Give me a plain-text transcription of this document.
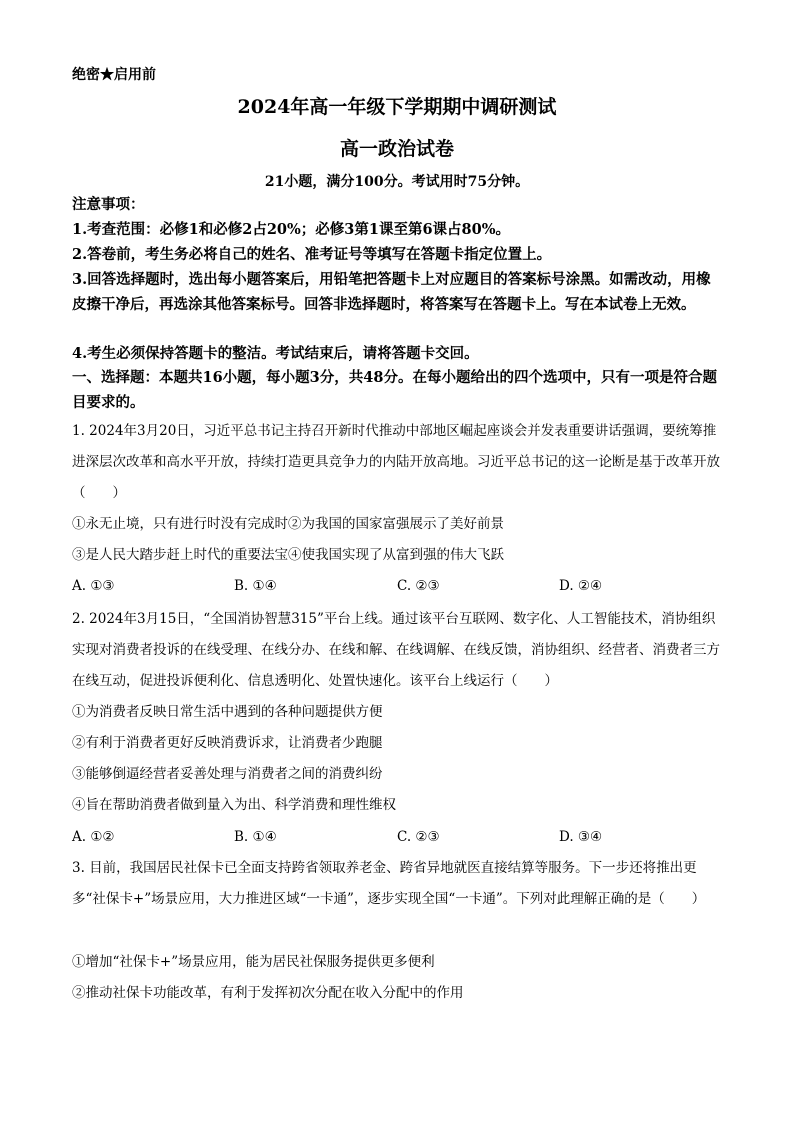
绝密★启用前
2024年高一年级下学期期中调研测试
高一政治试卷
21小题，满分100分。考试用时75分钟。
注意事项：
1.考查范围：必修1和必修2占20%；必修3第1课至第6课占80%。
2.答卷前，考生务必将自己的姓名、准考证号等填写在答题卡指定位置上。
3.回答选择题时，选出每小题答案后，用铅笔把答题卡上对应题目的答案标号涂黑。如需改动，用橡皮擦干净后，再选涂其他答案标号。回答非选择题时，将答案写在答题卡上。写在本试卷上无效。
4.考生必须保持答题卡的整洁。考试结束后，请将答题卡交回。
一、选择题：本题共16小题，每小题3分，共48分。在每小题给出的四个选项中，只有一项是符合题目要求的。
1. 2024年3月20日，习近平总书记主持召开新时代推动中部地区崛起座谈会并发表重要讲话强调，要统筹推进深层次改革和高水平开放，持续打造更具竞争力的内陆开放高地。习近平总书记的这一论断是基于改革开放（　　）
①永无止境，只有进行时没有完成时②为我国的国家富强展示了美好前景
③是人民大踏步赶上时代的重要法宝④使我国实现了从富到强的伟大飞跃
A. ①③	B. ①④	C. ②③	D. ②④
2. 2024年3月15日，“全国消协智慧315”平台上线。通过该平台互联网、数字化、人工智能技术，消协组织实现对消费者投诉的在线受理、在线分办、在线和解、在线调解、在线反馈，消协组织、经营者、消费者三方在线互动，促进投诉便利化、信息透明化、处置快速化。该平台上线运行（　　）
①为消费者反映日常生活中遇到的各种问题提供方便
②有利于消费者更好反映消费诉求，让消费者少跑腿
③能够倒逼经营者妥善处理与消费者之间的消费纠纷
④旨在帮助消费者做到量入为出、科学消费和理性维权
A. ①②	B. ①④	C. ②③	D. ③④
3. 目前，我国居民社保卡已全面支持跨省领取养老金、跨省异地就医直接结算等服务。下一步还将推出更多“社保卡+”场景应用，大力推进区域“一卡通”，逐步实现全国“一卡通”。下列对此理解正确的是（　　）
①增加“社保卡+”场景应用，能为居民社保服务提供更多便利
②推动社保卡功能改革，有利于发挥初次分配在收入分配中的作用
